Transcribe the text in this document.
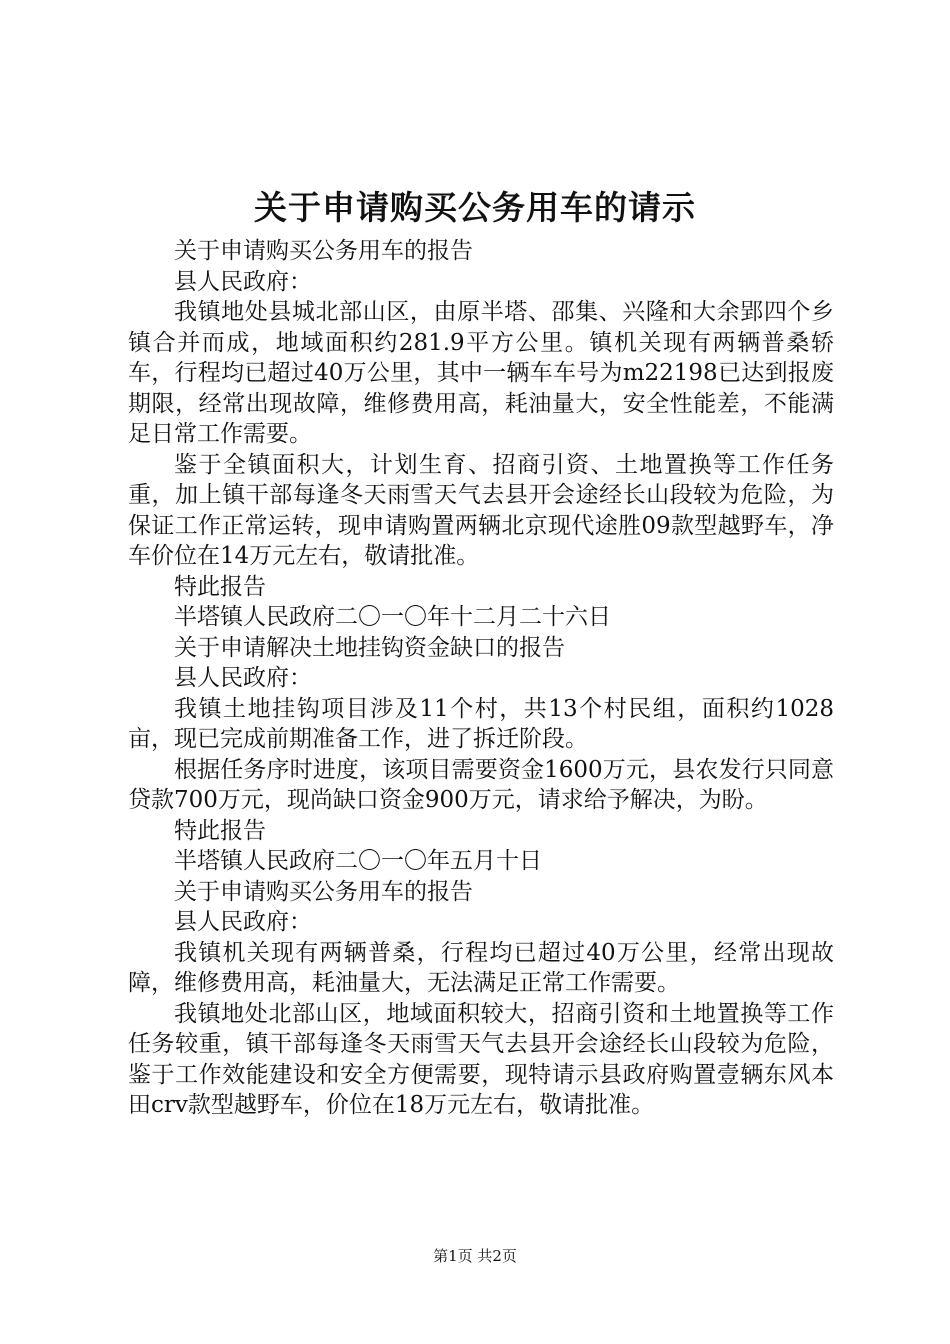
关于申请购买公务用车的请示

关于申请购买公务用车的报告

县人民政府：

我镇地处县城北部山区，由原半塔、邵集、兴隆和大余郢四个乡镇合并而成，地域面积约281.9平方公里。镇机关现有两辆普桑轿车，行程均已超过40万公里，其中一辆车车号为m22198已达到报废期限，经常出现故障，维修费用高，耗油量大，安全性能差，不能满足日常工作需要。

鉴于全镇面积大，计划生育、招商引资、土地置换等工作任务重，加上镇干部每逢冬天雨雪天气去县开会途经长山段较为危险，为保证工作正常运转，现申请购置两辆北京现代途胜09款型越野车，净车价位在14万元左右，敬请批准。

特此报告

半塔镇人民政府二〇一〇年十二月二十六日

关于申请解决土地挂钩资金缺口的报告

县人民政府：

我镇土地挂钩项目涉及11个村，共13个村民组，面积约1028亩，现已完成前期准备工作，进了拆迁阶段。

根据任务序时进度，该项目需要资金1600万元，县农发行只同意贷款700万元，现尚缺口资金900万元，请求给予解决，为盼。

特此报告

半塔镇人民政府二〇一〇年五月十日

关于申请购买公务用车的报告

县人民政府：

我镇机关现有两辆普桑，行程均已超过40万公里，经常出现故障，维修费用高，耗油量大，无法满足正常工作需要。

我镇地处北部山区，地域面积较大，招商引资和土地置换等工作任务较重，镇干部每逢冬天雨雪天气去县开会途经长山段较为危险，鉴于工作效能建设和安全方便需要，现特请示县政府购置壹辆东风本田crv款型越野车，价位在18万元左右，敬请批准。

第1页 共2页
